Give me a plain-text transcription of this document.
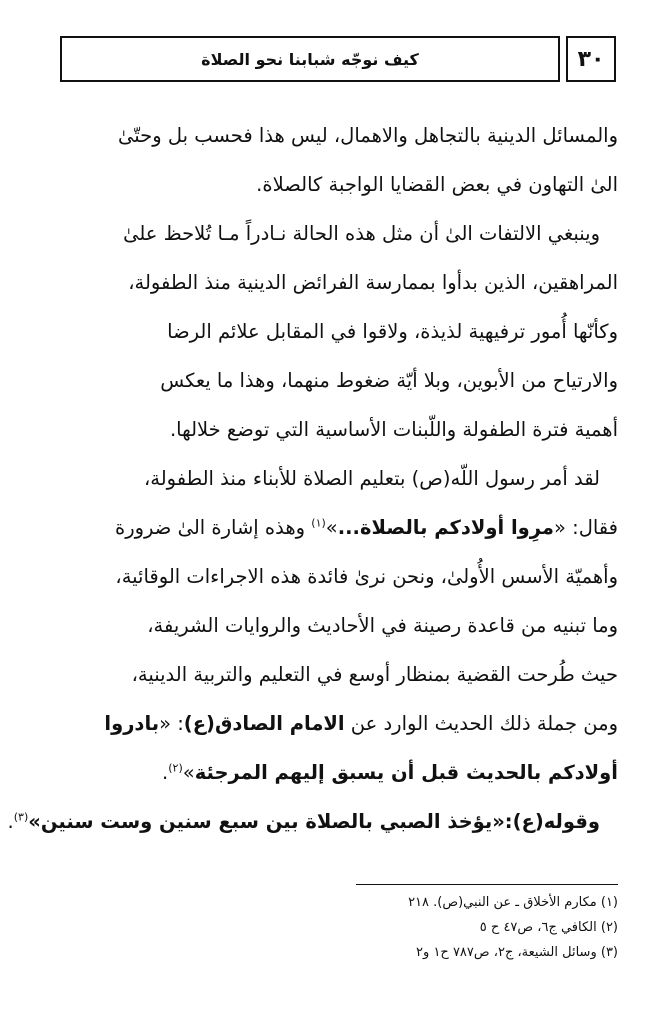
٣٠
كيف نوجّه شبابنا نحو الصلاة
والمسائل الدينية بالتجاهل والاهمال، ليس هذا فحسب بل وحتّىٰ
الىٰ التهاون في بعض القضايا الواجبة كالصلاة.
وينبغي الالتفات الىٰ أن مثل هذه الحالة نـادراً مـا تُلاحظ علىٰ
المراهقين، الذين بدأوا بممارسة الفرائض الدينية منذ الطفولة،
وكأنّها أُمور ترفيهية لذيذة، ولاقوا في المقابل علائم الرضا
والارتياح من الأبوين، وبلا أيّة ضغوط منهما، وهذا ما يعكس
أهمية فترة الطفولة واللّبنات الأساسية التي توضع خلالها.
لقد أمر رسول اللّه(ص) بتعليم الصلاة للأبناء منذ الطفولة،
فقال: «مرِوا أولادكم بالصلاة...»$^{(١)}$ وهذه إشارة الىٰ ضرورة
وأهميّة الأسس الأُولىٰ، ونحن نرىٰ فائدة هذه الاجراءات الوقائية،
وما تبنيه من قاعدة رصينة في الأحاديث والروايات الشريفة،
حيث طُرحت القضية بمنظار أوسع في التعليم والتربية الدينية،
ومن جملة ذلك الحديث الوارد عن الامام الصادق(ع): «بادروا
أولادكم بالحديث قبل أن يسبق إليهم المرجئة»$^{(٢)}$.
وقوله(ع):«يؤخذ الصبي بالصلاة بين سبع سنين وست سنين»$^{(٣)}$.
(١) مكارم الأخلاق ـ عن النبي(ص). ٢١٨
(٢) الكافي ج٦، ص٤٧ ح ٥
(٣) وسائل الشيعة، ج٢، ص٧٨٧ ح١ و٢
